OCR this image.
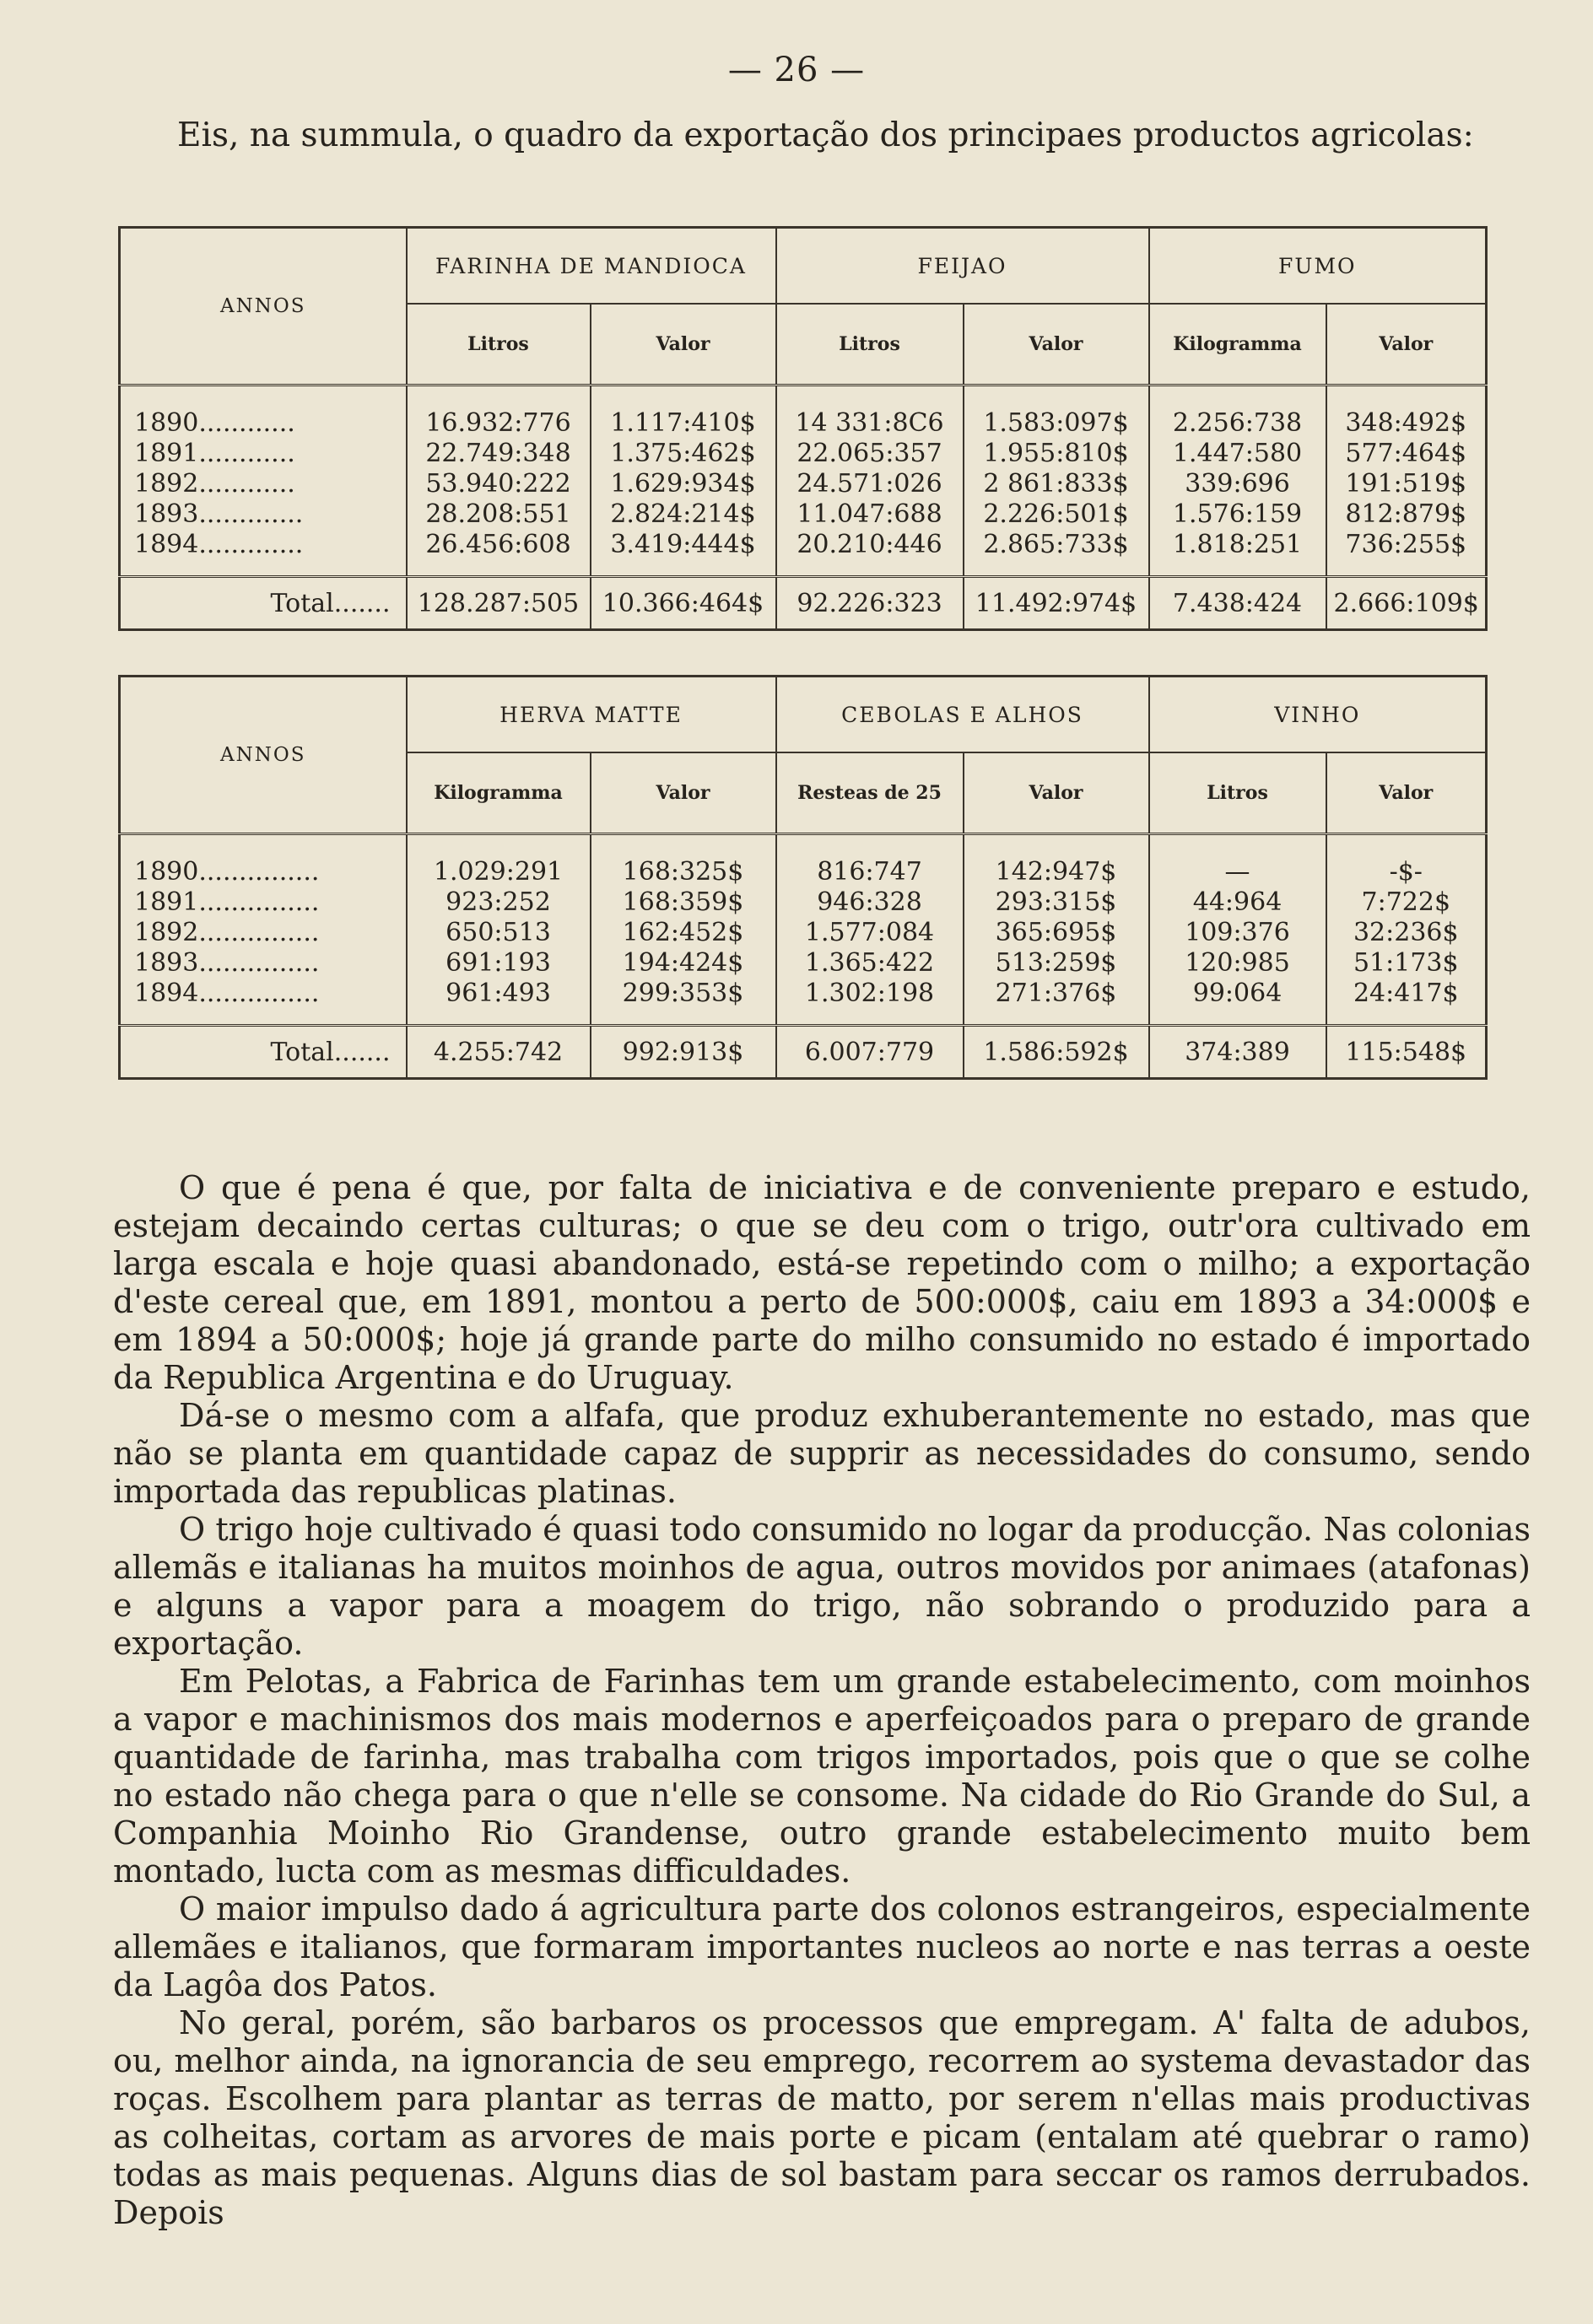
— 26 —
Eis, na summula, o quadro da exportação dos principaes productos agricolas:
ANNOS	FARINHA DE MANDIOCA		FEIJAO		FUMO	
	Litros	Valor	Litros	Valor	Kilogramma	Valor
1890............	16.932:776	1.117:410$	14 331:8C6	1.583:097$	2.256:738	348:492$
1891............	22.749:348	1.375:462$	22.065:357	1.955:810$	1.447:580	577:464$
1892............	53.940:222	1.629:934$	24.571:026	2 861:833$	339:696	191:519$
1893.............	28.208:551	2.824:214$	11.047:688	2.226:501$	1.576:159	812:879$
1894.............	26.456:608	3.419:444$	20.210:446	2.865:733$	1.818:251	736:255$
Total.......	128.287:505	10.366:464$	92.226:323	11.492:974$	7.438:424	2.666:109$
ANNOS	HERVA MATTE		CEBOLAS E ALHOS		VINHO	
	Kilogramma	Valor	Resteas de 25	Valor	Litros	Valor
1890...............	1.029:291	168:325$	816:747	142:947$	—	-$-
1891...............	923:252	168:359$	946:328	293:315$	44:964	7:722$
1892...............	650:513	162:452$	1.577:084	365:695$	109:376	32:236$
1893...............	691:193	194:424$	1.365:422	513:259$	120:985	51:173$
1894...............	961:493	299:353$	1.302:198	271:376$	99:064	24:417$
Total.......	4.255:742	992:913$	6.007:779	1.586:592$	374:389	115:548$

O que é pena é que, por falta de iniciativa e de conveniente preparo e estudo, estejam decaindo certas culturas; o que se deu com o trigo, outr'ora cultivado em larga escala e hoje quasi abandonado, está-se repetindo com o milho; a exportação d'este cereal que, em 1891, montou a perto de 500:000$, caiu em 1893 a 34:000$ e em 1894 a 50:000$; hoje já grande parte do milho consumido no estado é importado da Republica Argentina e do Uruguay.

Dá-se o mesmo com a alfafa, que produz exhuberantemente no estado, mas que não se planta em quantidade capaz de supprir as necessidades do consumo, sendo importada das republicas platinas.

O trigo hoje cultivado é quasi todo consumido no logar da producção. Nas colonias allemãs e italianas ha muitos moinhos de agua, outros movidos por animaes (atafonas) e alguns a vapor para a moagem do trigo, não sobrando o produzido para a exportação.

Em Pelotas, a Fabrica de Farinhas tem um grande estabelecimento, com moinhos a vapor e machinismos dos mais modernos e aperfeiçoados para o preparo de grande quantidade de farinha, mas trabalha com trigos importados, pois que o que se colhe no estado não chega para o que n'elle se consome. Na cidade do Rio Grande do Sul, a Companhia Moinho Rio Grandense, outro grande estabelecimento muito bem montado, lucta com as mesmas difficuldades.

O maior impulso dado á agricultura parte dos colonos estrangeiros, especialmente allemães e italianos, que formaram importantes nucleos ao norte e nas terras a oeste da Lagôa dos Patos.

No geral, porém, são barbaros os processos que empregam. A' falta de adubos, ou, melhor ainda, na ignorancia de seu emprego, recorrem ao systema devastador das roças. Escolhem para plantar as terras de matto, por serem n'ellas mais productivas as colheitas, cortam as arvores de mais porte e picam (entalam até quebrar o ramo) todas as mais pequenas. Alguns dias de sol bastam para seccar os ramos derrubados. Depois
